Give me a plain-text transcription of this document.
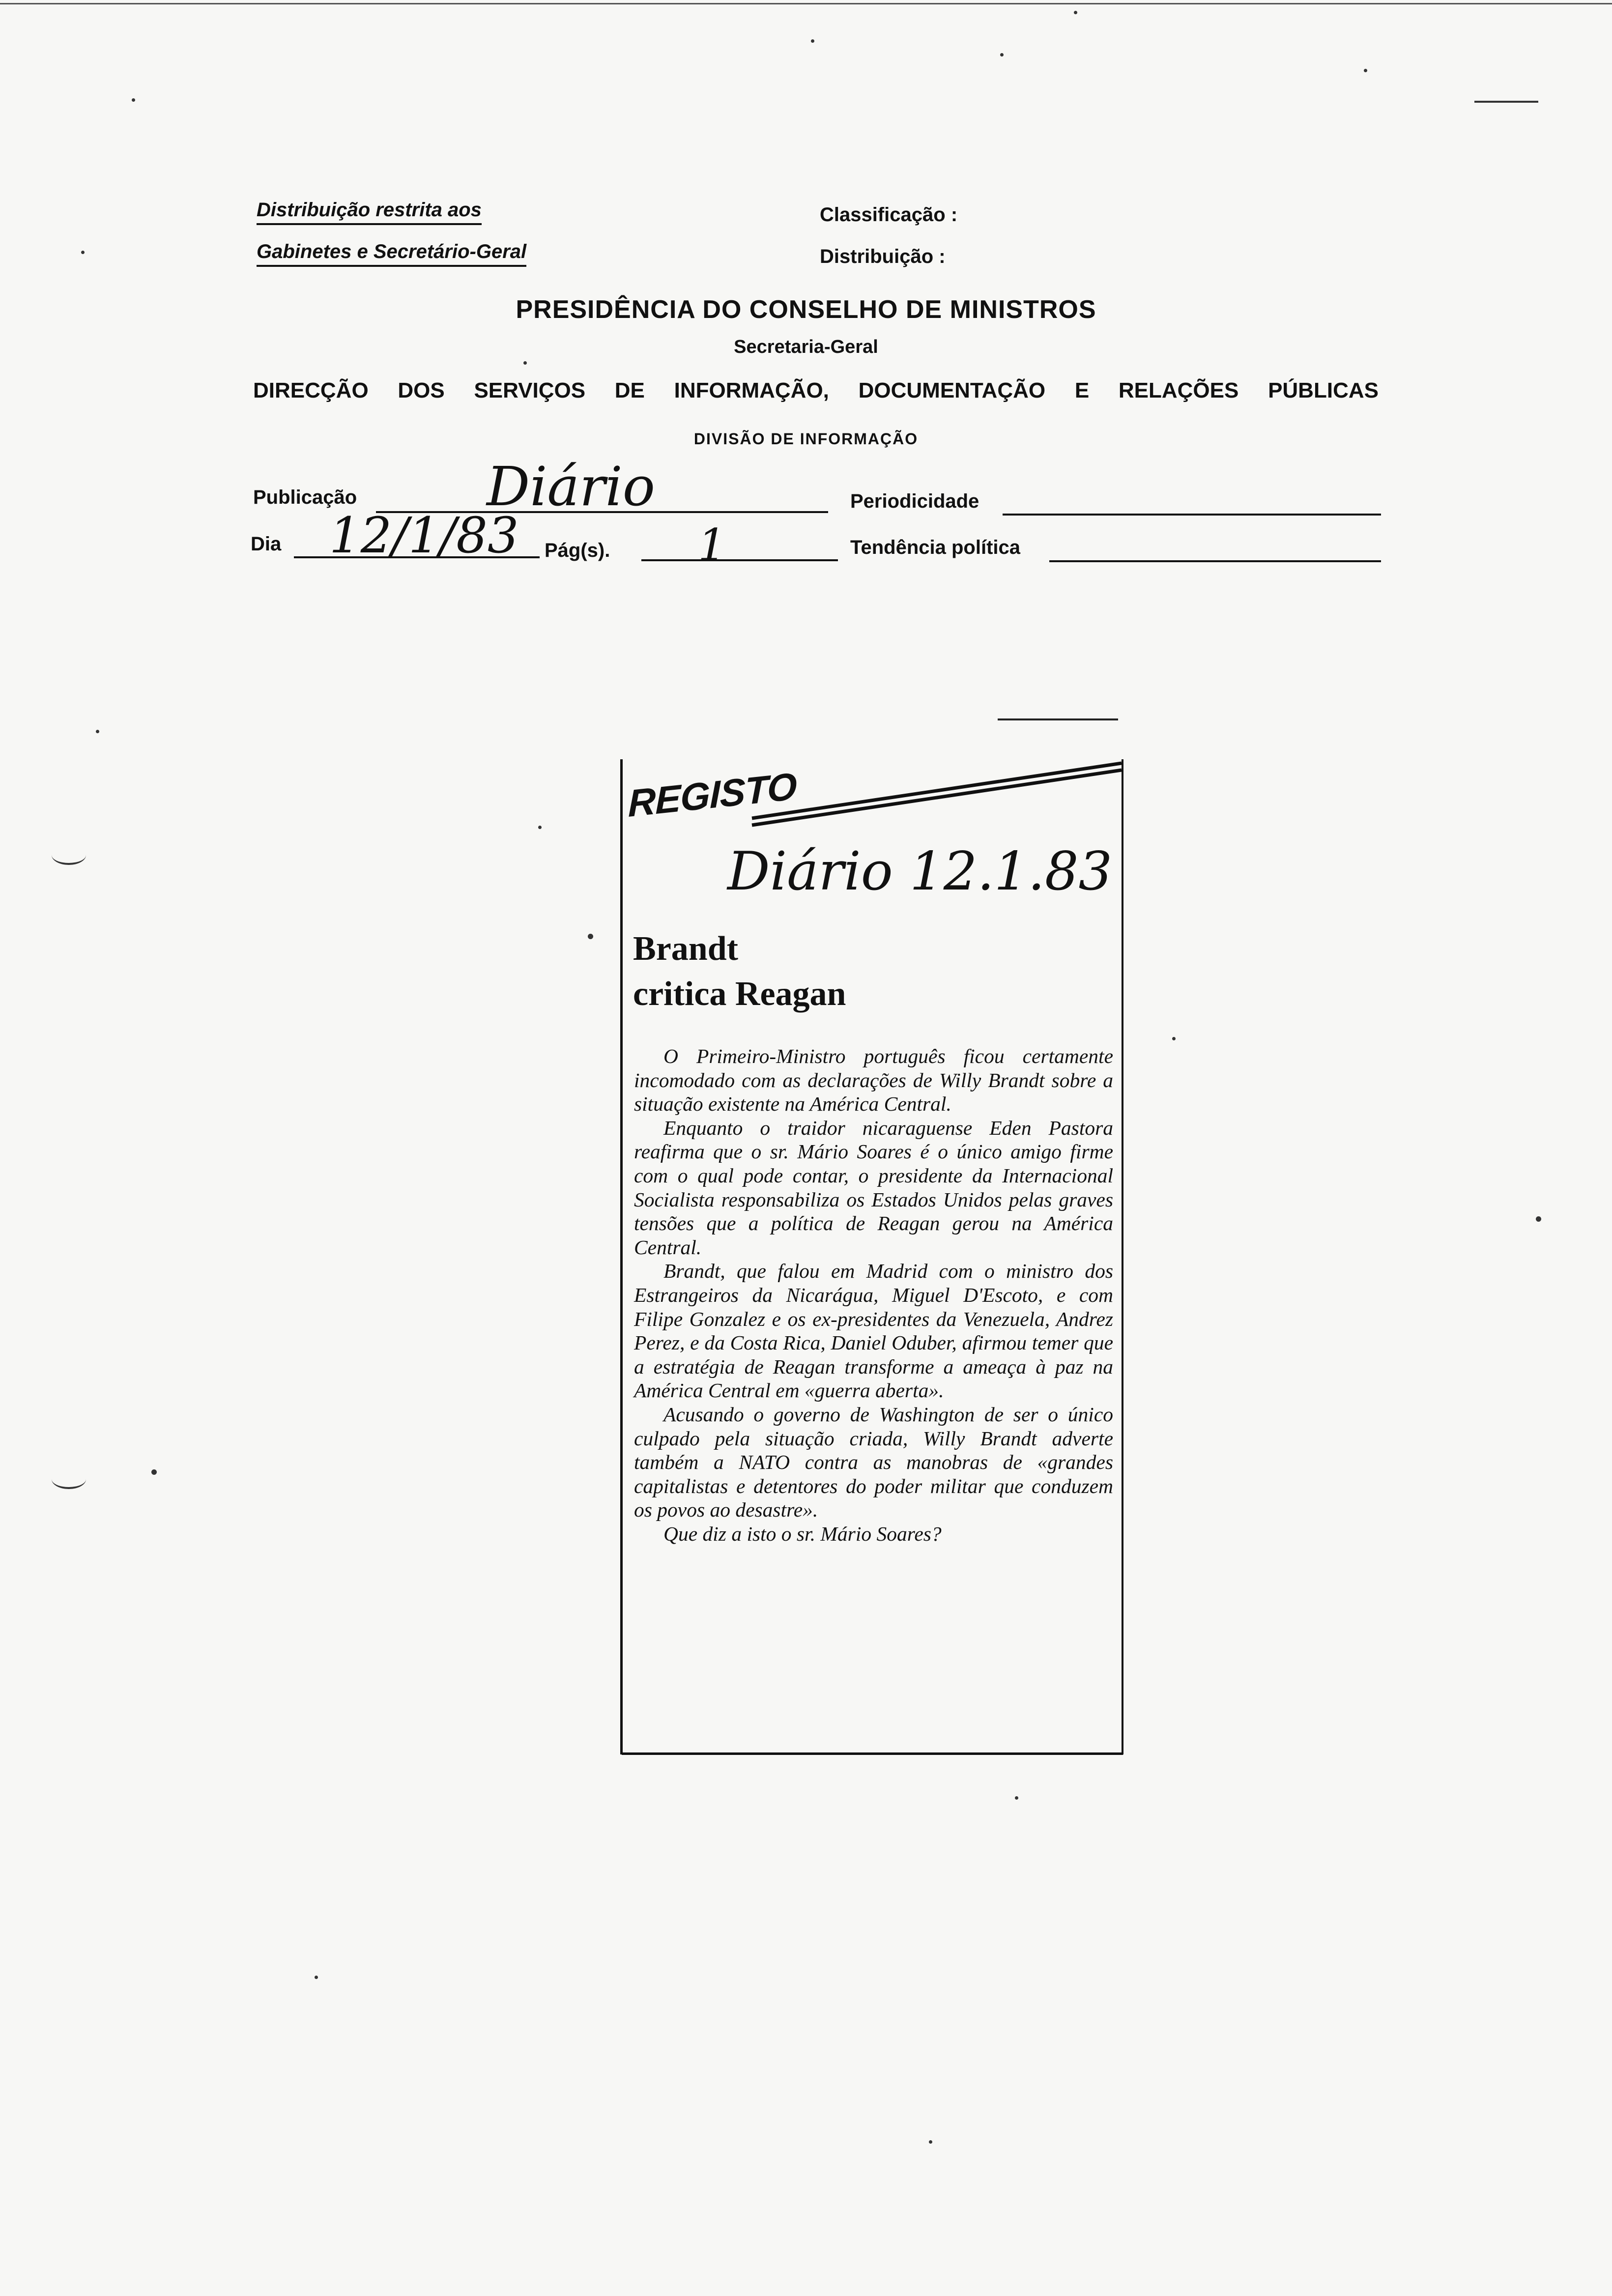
Distribuição restrita aos
Gabinetes e Secretário-Geral
Classificação :
Distribuição :
PRESIDÊNCIA DO CONSELHO DE MINISTROS
Secretaria-Geral
DIRECÇÃO DOS SERVIÇOS DE INFORMAÇÃO, DOCUMENTAÇÃO E RELAÇÕES PÚBLICAS
DIVISÃO DE INFORMAÇÃO
Publicação Diário	Periodicidade
Dia 12/1/83 Pág(s). 1	Tendência política
REGISTO
Diário 12.1.83
Brandt
critica Reagan

O Primeiro-Ministro português ficou certamente incomodado com as declarações de Willy Brandt sobre a situação existente na América Central.

Enquanto o traidor nicaraguense Eden Pastora reafirma que o sr. Mário Soares é o único amigo firme com o qual pode contar, o presidente da Internacional Socialista responsabiliza os Estados Unidos pelas graves tensões que a política de Reagan gerou na América Central.

Brandt, que falou em Madrid com o ministro dos Estrangeiros da Nicarágua, Miguel D'Escoto, e com Filipe Gonzalez e os ex-presidentes da Venezuela, Andrez Perez, e da Costa Rica, Daniel Oduber, afirmou temer que a estratégia de Reagan transforme a ameaça à paz na América Central em «guerra aberta».

Acusando o governo de Washington de ser o único culpado pela situação criada, Willy Brandt adverte também a NATO contra as manobras de «grandes capitalistas e detentores do poder militar que conduzem os povos ao desastre».

Que diz a isto o sr. Mário Soares?
